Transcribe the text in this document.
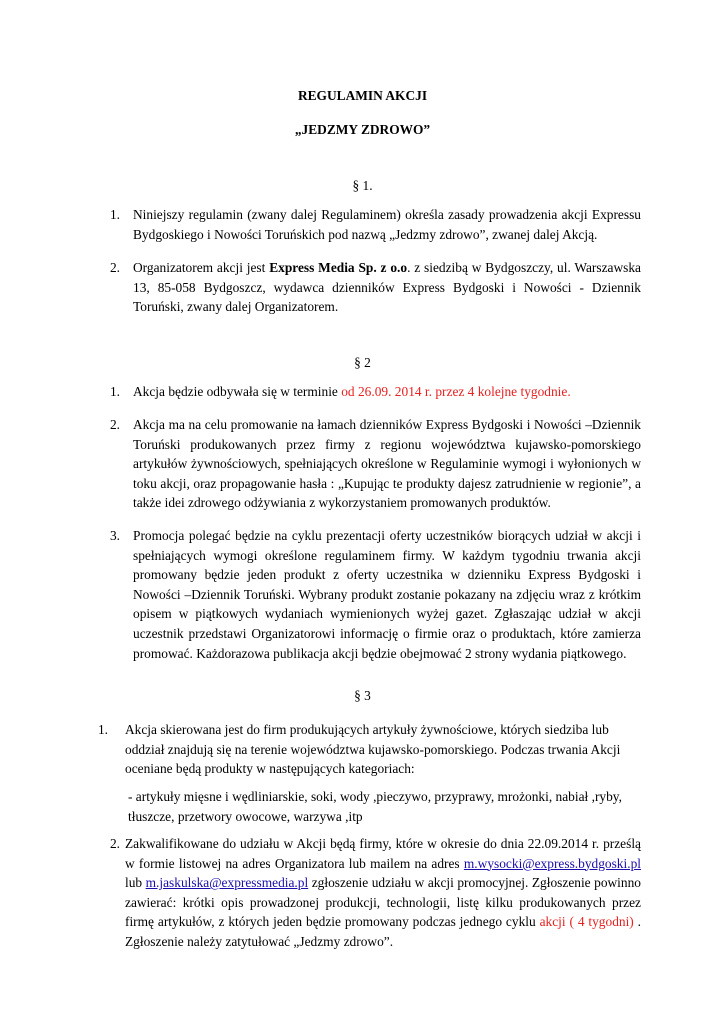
REGULAMIN AKCJI
„JEDZMY ZDROWO”
§ 1.
1. Niniejszy regulamin (zwany dalej Regulaminem) określa zasady prowadzenia akcji Expressu Bydgoskiego i Nowości Toruńskich pod nazwą „Jedzmy zdrowo”, zwanej dalej Akcją.
2. Organizatorem akcji jest Express Media Sp. z o.o. z siedzibą w Bydgoszczy, ul. Warszawska 13, 85-058 Bydgoszcz, wydawca dzienników Express Bydgoski i Nowości - Dziennik Toruński, zwany dalej Organizatorem.
§ 2
1. Akcja będzie odbywała się w terminie od 26.09. 2014 r. przez 4 kolejne tygodnie.
2. Akcja ma na celu promowanie na łamach dzienników Express Bydgoski i Nowości –Dziennik Toruński produkowanych przez firmy z regionu województwa kujawsko-pomorskiego artykułów żywnościowych, spełniających określone w Regulaminie wymogi i wyłonionych w toku akcji, oraz propagowanie hasła : „Kupując te produkty dajesz zatrudnienie w regionie”, a także idei zdrowego odżywiania z wykorzystaniem promowanych produktów.
3. Promocja polegać będzie na cyklu prezentacji oferty uczestników biorących udział w akcji i spełniających wymogi określone regulaminem firmy. W każdym tygodniu trwania akcji promowany będzie jeden produkt z oferty uczestnika w dzienniku Express Bydgoski i Nowości –Dziennik Toruński. Wybrany produkt zostanie pokazany na zdjęciu wraz z krótkim opisem w piątkowych wydaniach wymienionych wyżej gazet. Zgłaszając udział w akcji uczestnik przedstawi Organizatorowi informację o firmie oraz o produktach, które zamierza promować. Każdorazowa publikacja akcji będzie obejmować 2 strony wydania piątkowego.
§ 3
1. Akcja skierowana jest do firm produkujących artykuły żywnościowe, których siedziba lub oddział znajdują się na terenie województwa kujawsko-pomorskiego. Podczas trwania Akcji oceniane będą produkty w następujących kategoriach:
- artykuły mięsne i wędliniarskie, soki, wody ,pieczywo, przyprawy, mrożonki, nabiał ,ryby, tłuszcze, przetwory owocowe, warzywa ,itp
2. Zakwalifikowane do udziału w Akcji będą firmy, które w okresie do dnia 22.09.2014 r. prześlą w formie listowej na adres Organizatora lub mailem na adres m.wysocki@express.bydgoski.pl lub m.jaskulska@expressmedia.pl zgłoszenie udziału w akcji promocyjnej. Zgłoszenie powinno zawierać: krótki opis prowadzonej produkcji, technologii, listę kilku produkowanych przez firmę artykułów, z których jeden będzie promowany podczas jednego cyklu akcji ( 4 tygodni) . Zgłoszenie należy zatytułować „Jedzmy zdrowo”.
